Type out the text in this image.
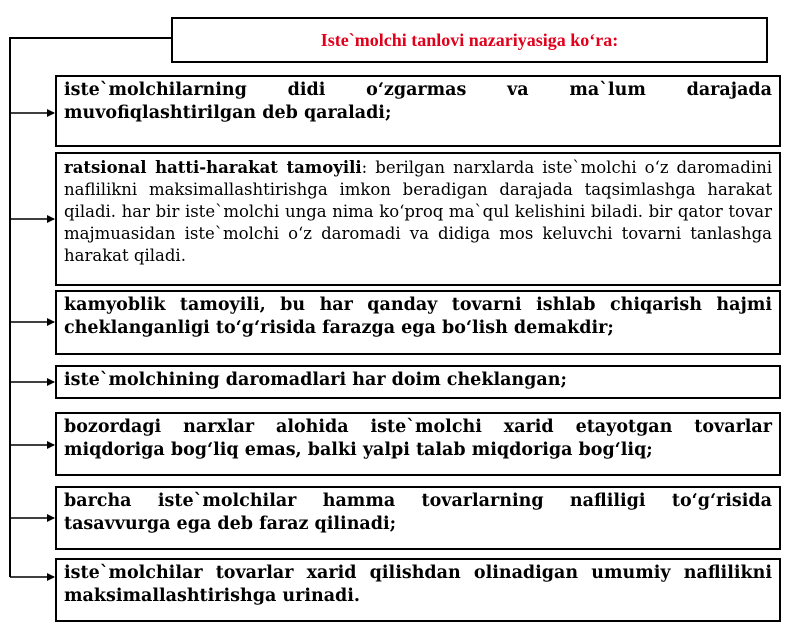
Iste`molchi tanlovi nazariyasiga ko‘ra:
iste`molchilarning didi o‘zgarmas va ma`lum darajada muvofiqlashtirilgan deb qaraladi;
ratsional hatti-harakat tamoyili: berilgan narxlarda iste`molchi o‘z daromadini naflilikni maksimallashtirishga imkon beradigan darajada taqsimlashga harakat qiladi. har bir iste`molchi unga nima ko‘proq ma`qul kelishini biladi. bir qator tovar majmuasidan iste`molchi o‘z daromadi va didiga mos keluvchi tovarni tanlashga harakat qiladi.
kamyoblik tamoyili, bu har qanday tovarni ishlab chiqarish hajmi cheklanganligi to‘g‘risida farazga ega bo‘lish demakdir;
iste`molchining daromadlari har doim cheklangan;
bozordagi narxlar alohida iste`molchi xarid etayotgan tovarlar miqdoriga bog‘liq emas, balki yalpi talab miqdoriga bog‘liq;
barcha iste`molchilar hamma tovarlarning nafliligi to‘g‘risida tasavvurga ega deb faraz qilinadi;
iste`molchilar tovarlar xarid qilishdan olinadigan umumiy naflilikni maksimallashtirishga urinadi.
